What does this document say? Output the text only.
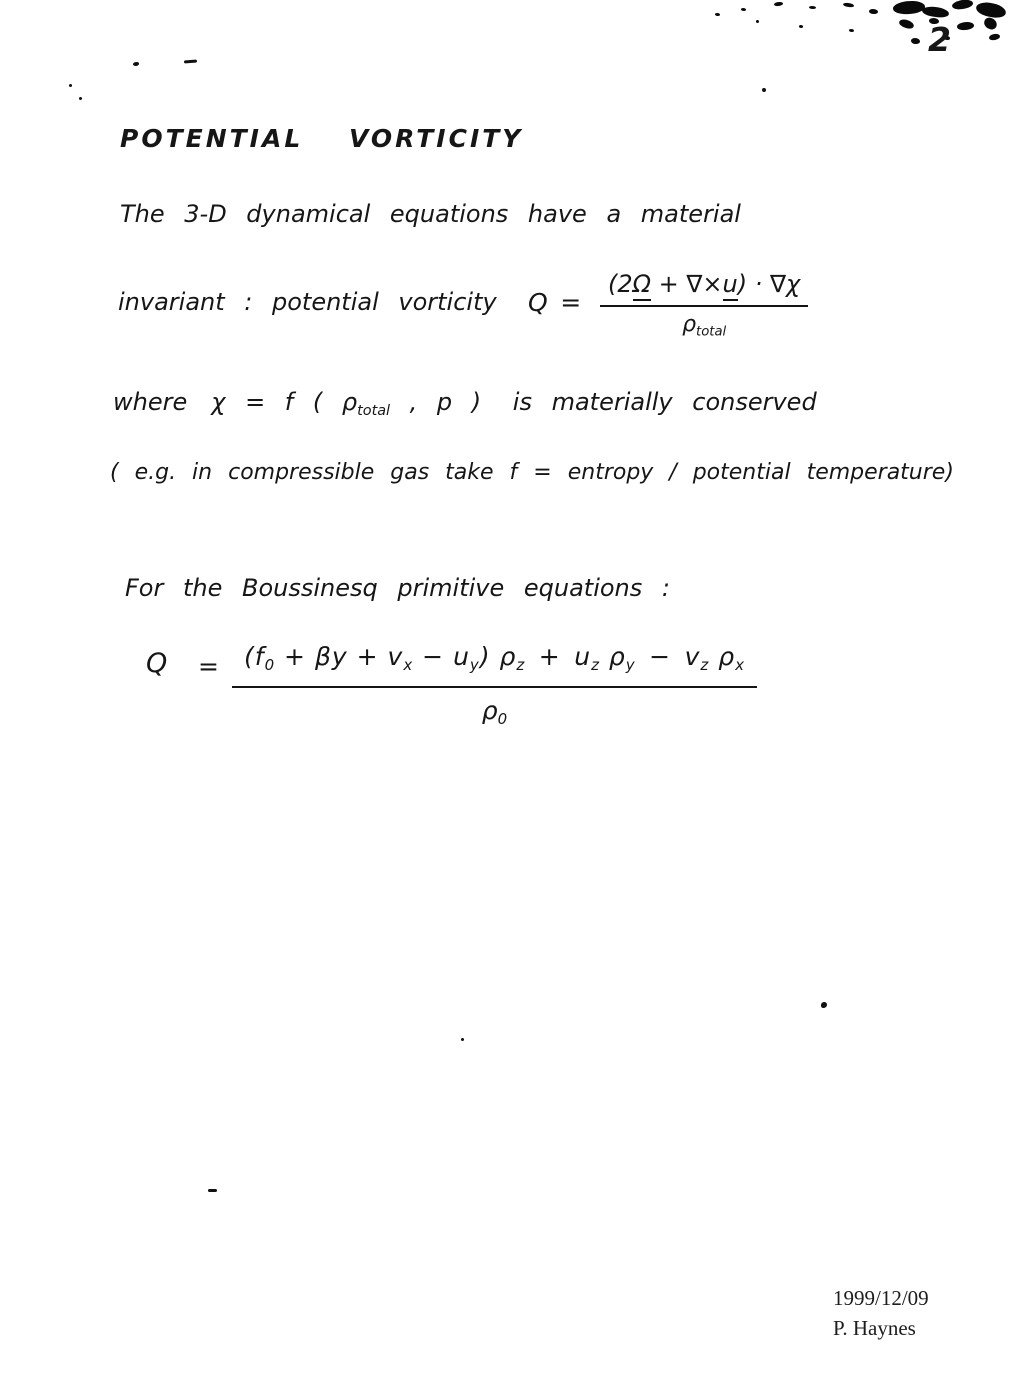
2
POTENTIAL VORTICITY
The 3-D dynamical equations have a material
invariant : potential vorticity Q  =
(2Ω + ∇×u) · ∇χ
$\rho_{total}$
where χ = f ( $\rho_{total}$ , p )  is materially conserved
( e.g. in compressible gas take f = entropy / potential temperature)
For the Boussinesq primitive equations :
$Q = \frac{(f_0 + \beta y + v_x - u_y) \rho_z + u_z \rho_y - v_z \rho_x}{\rho_0}$
1999/12/09
P. Haynes
